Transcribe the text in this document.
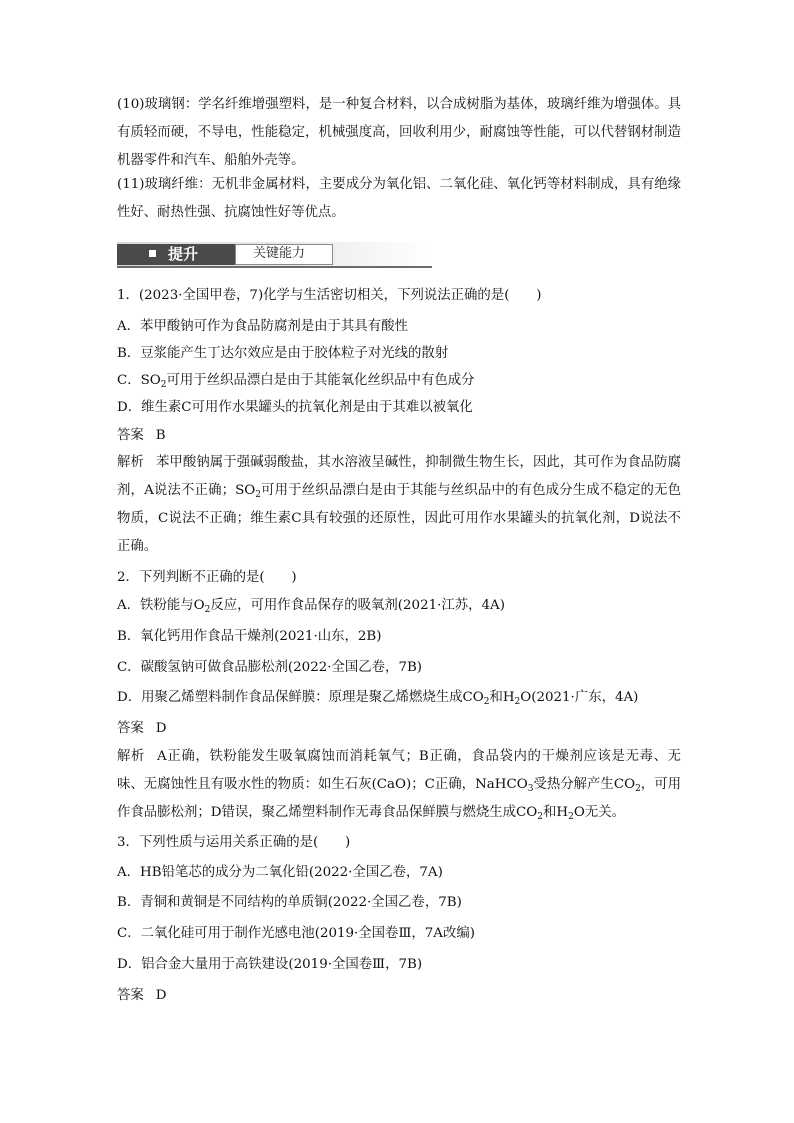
(10)玻璃钢：学名纤维增强塑料，是一种复合材料，以合成树脂为基体，玻璃纤维为增强体。具有质轻而硬，不导电，性能稳定，机械强度高，回收利用少，耐腐蚀等性能，可以代替钢材制造机器零件和汽车、船舶外壳等。
(11)玻璃纤维：无机非金属材料，主要成分为氧化铝、二氧化硅、氧化钙等材料制成，具有绝缘性好、耐热性强、抗腐蚀性好等优点。
提升	关键能力
1．(2023·全国甲卷，7)化学与生活密切相关，下列说法正确的是(　　)
A．苯甲酸钠可作为食品防腐剂是由于其具有酸性
B．豆浆能产生丁达尔效应是由于胶体粒子对光线的散射
C．$SO_2$可用于丝织品漂白是由于其能氧化丝织品中有色成分
D．维生素C可用作水果罐头的抗氧化剂是由于其难以被氧化
答案 B
解析 苯甲酸钠属于强碱弱酸盐，其水溶液呈碱性，抑制微生物生长，因此，其可作为食品防腐剂，A说法不正确；$SO_2$可用于丝织品漂白是由于其能与丝织品中的有色成分生成不稳定的无色物质，C说法不正确；维生素C具有较强的还原性，因此可用作水果罐头的抗氧化剂，D说法不正确。
2．下列判断不正确的是(　　)
A．铁粉能与$O_2$反应，可用作食品保存的吸氧剂(2021·江苏，4A)
B．氧化钙用作食品干燥剂(2021·山东，2B)
C．碳酸氢钠可做食品膨松剂(2022·全国乙卷，7B)
D．用聚乙烯塑料制作食品保鲜膜：原理是聚乙烯燃烧生成$CO_2$和$H_2O(2021\cdot$广东，4A)
答案 D
解析 A正确，铁粉能发生吸氧腐蚀而消耗氧气；B正确，食品袋内的干燥剂应该是无毒、无味、无腐蚀性且有吸水性的物质：如生石灰(CaO)；C正确，NaHCO$_3$受热分解产生$CO_2$，可用作食品膨松剂；D错误，聚乙烯塑料制作无毒食品保鲜膜与燃烧生成$CO_2$和$H_2O$无关。
3．下列性质与运用关系正确的是(　　)
A．HB铅笔芯的成分为二氧化铅(2022·全国乙卷，7A)
B．青铜和黄铜是不同结构的单质铜(2022·全国乙卷，7B)
C．二氧化硅可用于制作光感电池(2019·全国卷Ⅲ，7A改编)
D．铝合金大量用于高铁建设(2019·全国卷Ⅲ，7B)
答案 D
